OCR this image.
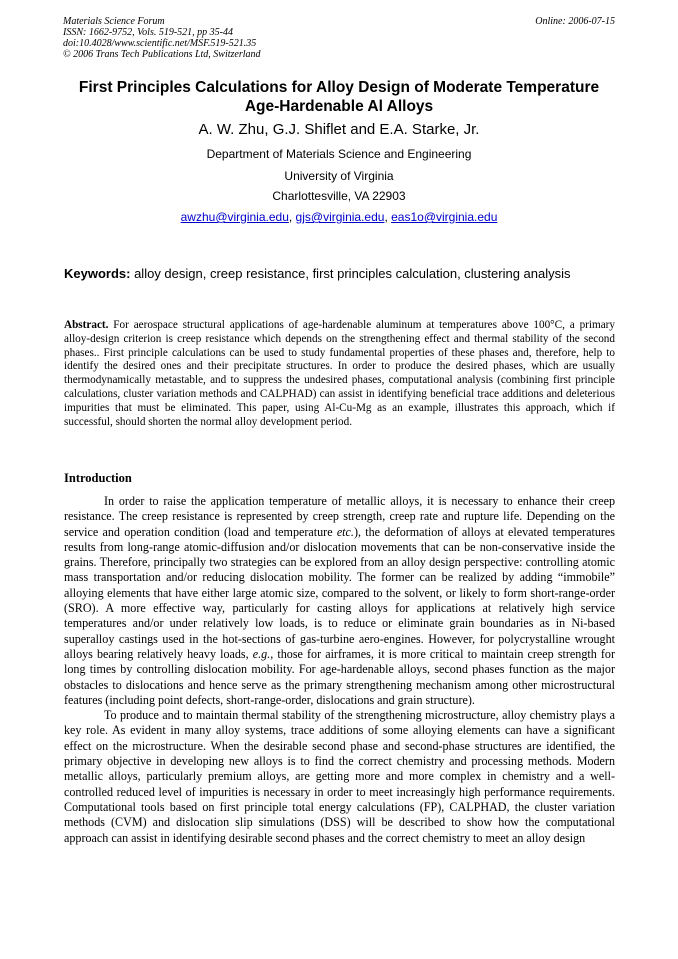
Materials Science Forum
ISSN: 1662-9752, Vols. 519-521, pp 35-44
doi:10.4028/www.scientific.net/MSF.519-521.35
© 2006 Trans Tech Publications Ltd, Switzerland
Online: 2006-07-15
First Principles Calculations for Alloy Design of Moderate Temperature
Age-Hardenable Al Alloys
A. W. Zhu, G.J. Shiflet and E.A. Starke, Jr.
Department of Materials Science and Engineering
University of Virginia
Charlottesville, VA 22903
awzhu@virginia.edu, gjs@virginia.edu, eas1o@virginia.edu
Keywords: alloy design, creep resistance, first principles calculation, clustering analysis
Abstract. For aerospace structural applications of age-hardenable aluminum at temperatures above 100°C, a primary alloy-design criterion is creep resistance which depends on the strengthening effect and thermal stability of the second phases.. First principle calculations can be used to study fundamental properties of these phases and, therefore, help to identify the desired ones and their precipitate structures. In order to produce the desired phases, which are usually thermodynamically metastable, and to suppress the undesired phases, computational analysis (combining first principle calculations, cluster variation methods and CALPHAD) can assist in identifying beneficial trace additions and deleterious impurities that must be eliminated. This paper, using Al-Cu-Mg as an example, illustrates this approach, which if successful, should shorten the normal alloy development period.
Introduction

In order to raise the application temperature of metallic alloys, it is necessary to enhance their creep resistance. The creep resistance is represented by creep strength, creep rate and rupture life. Depending on the service and operation condition (load and temperature etc.), the deformation of alloys at elevated temperatures results from long-range atomic-diffusion and/or dislocation movements that can be non-conservative inside the grains. Therefore, principally two strategies can be explored from an alloy design perspective: controlling atomic mass transportation and/or reducing dislocation mobility. The former can be realized by adding “immobile” alloying elements that have either large atomic size, compared to the solvent, or likely to form short-range-order (SRO). A more effective way, particularly for casting alloys for applications at relatively high service temperatures and/or under relatively low loads, is to reduce or eliminate grain boundaries as in Ni-based superalloy castings used in the hot-sections of gas-turbine aero-engines. However, for polycrystalline wrought alloys bearing relatively heavy loads, e.g., those for airframes, it is more critical to maintain creep strength for long times by controlling dislocation mobility. For age-hardenable alloys, second phases function as the major obstacles to dislocations and hence serve as the primary strengthening mechanism among other microstructural features (including point defects, short-range-order, dislocations and grain structure).

To produce and to maintain thermal stability of the strengthening microstructure, alloy chemistry plays a key role. As evident in many alloy systems, trace additions of some alloying elements can have a significant effect on the microstructure. When the desirable second phase and second-phase structures are identified, the primary objective in developing new alloys is to find the correct chemistry and processing methods. Modern metallic alloys, particularly premium alloys, are getting more and more complex in chemistry and a well-controlled reduced level of impurities is necessary in order to meet increasingly high performance requirements. Computational tools based on first principle total energy calculations (FP), CALPHAD, the cluster variation methods (CVM) and dislocation slip simulations (DSS) will be described to show how the computational approach can assist in identifying desirable second phases and the correct chemistry to meet an alloy design
